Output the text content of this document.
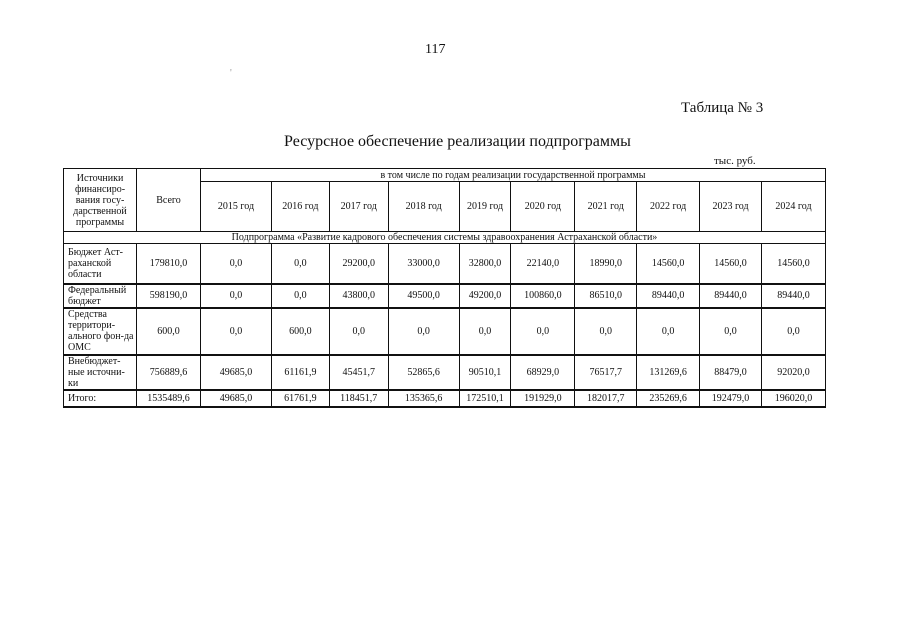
117
'
Таблица № 3
Ресурсное обеспечение реализации подпрограммы
тыс. руб.
Источники финансиро-вания госу-дарственной программы	Всего	в том числе по годам реализации государственной программы									
		2015 год	2016 год	2017 год	2018 год	2019 год	2020 год	2021 год	2022 год	2023 год	2024 год
Подпрограмма «Развитие кадрового обеспечения системы здравоохранения Астраханской области»											
Бюджет Аст-раханской области	179810,0	0,0	0,0	29200,0	33000,0	32800,0	22140,0	18990,0	14560,0	14560,0	14560,0
Федеральный бюджет	598190,0	0,0	0,0	43800,0	49500,0	49200,0	100860,0	86510,0	89440,0	89440,0	89440,0
Средства территори-ального фон-да ОМС	600,0	0,0	600,0	0,0	0,0	0,0	0,0	0,0	0,0	0,0	0,0
Внебюджет-ные источни-ки	756889,6	49685,0	61161,9	45451,7	52865,6	90510,1	68929,0	76517,7	131269,6	88479,0	92020,0
Итого:	1535489,6	49685,0	61761,9	118451,7	135365,6	172510,1	191929,0	182017,7	235269,6	192479,0	196020,0
